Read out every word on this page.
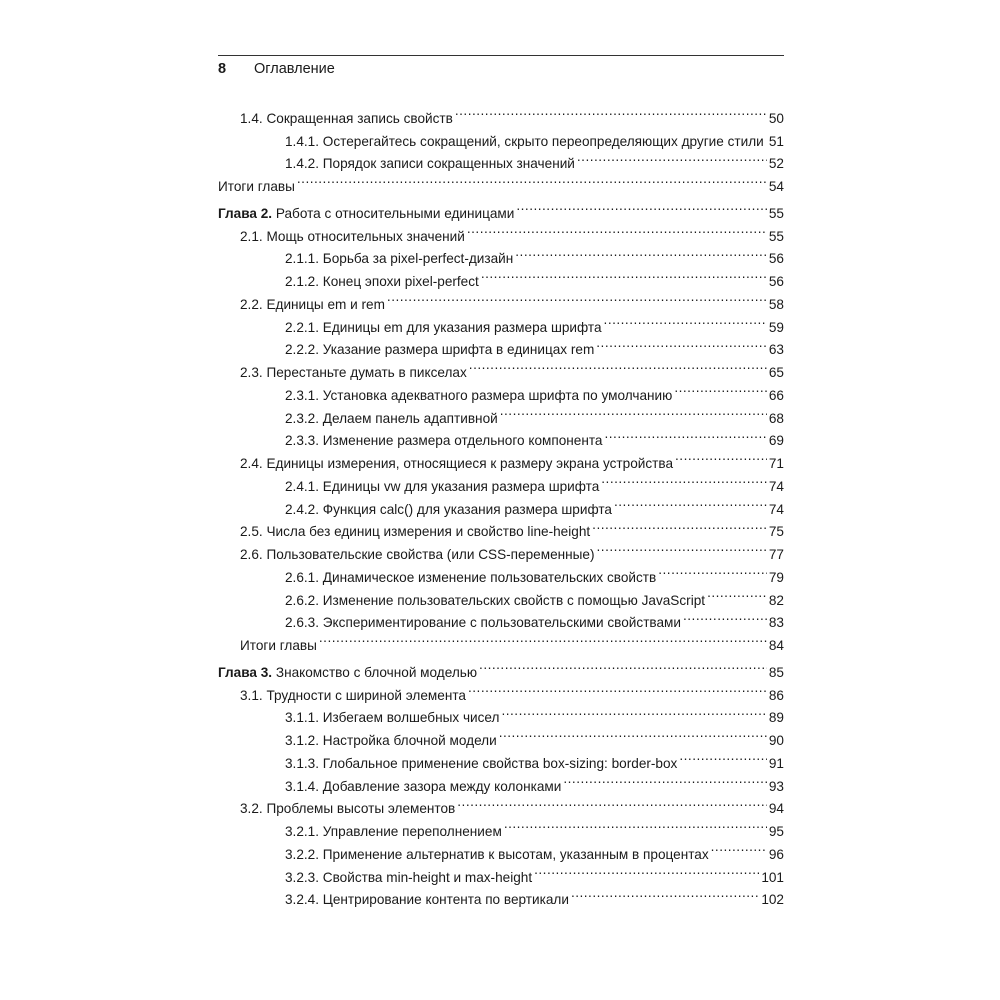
8	Оглавление
1.4. Сокращенная запись свойств .....	50
1.4.1. Остерегайтесь сокращений, скрыто переопределяющих другие стили ..... 51
1.4.2. Порядок записи сокращенных значений .....	52
Итоги главы .....	54
Глава 2. Работа с относительными единицами .....	55
2.1. Мощь относительных значений .....	55
2.1.1. Борьба за pixel-perfect-дизайн .....	56
2.1.2. Конец эпохи pixel-perfect .....	56
2.2. Единицы em и rem .....	58
2.2.1. Единицы em для указания размера шрифта .....	59
2.2.2. Указание размера шрифта в единицах rem .....	63
2.3. Перестаньте думать в пикселах .....	65
2.3.1. Установка адекватного размера шрифта по умолчанию .....	66
2.3.2. Делаем панель адаптивной .....	68
2.3.3. Изменение размера отдельного компонента .....	69
2.4. Единицы измерения, относящиеся к размеру экрана устройства .....	71
2.4.1. Единицы vw для указания размера шрифта .....	74
2.4.2. Функция calc() для указания размера шрифта .....	74
2.5. Числа без единиц измерения и свойство line-height .....	75
2.6. Пользовательские свойства (или CSS-переменные) .....	77
2.6.1. Динамическое изменение пользовательских свойств .....	79
2.6.2. Изменение пользовательских свойств с помощью JavaScript .....	82
2.6.3. Экспериментирование с пользовательскими свойствами .....	83
Итоги главы .....	84
Глава 3. Знакомство с блочной моделью .....	85
3.1. Трудности с шириной элемента .....	86
3.1.1. Избегаем волшебных чисел .....	89
3.1.2. Настройка блочной модели .....	90
3.1.3. Глобальное применение свойства box-sizing: border-box .....	91
3.1.4. Добавление зазора между колонками .....	93
3.2. Проблемы высоты элементов .....	94
3.2.1. Управление переполнением .....	95
3.2.2. Применение альтернатив к высотам, указанным в процентах .....	96
3.2.3. Свойства min-height и max-height .....	101
3.2.4. Центрирование контента по вертикали .....	102
